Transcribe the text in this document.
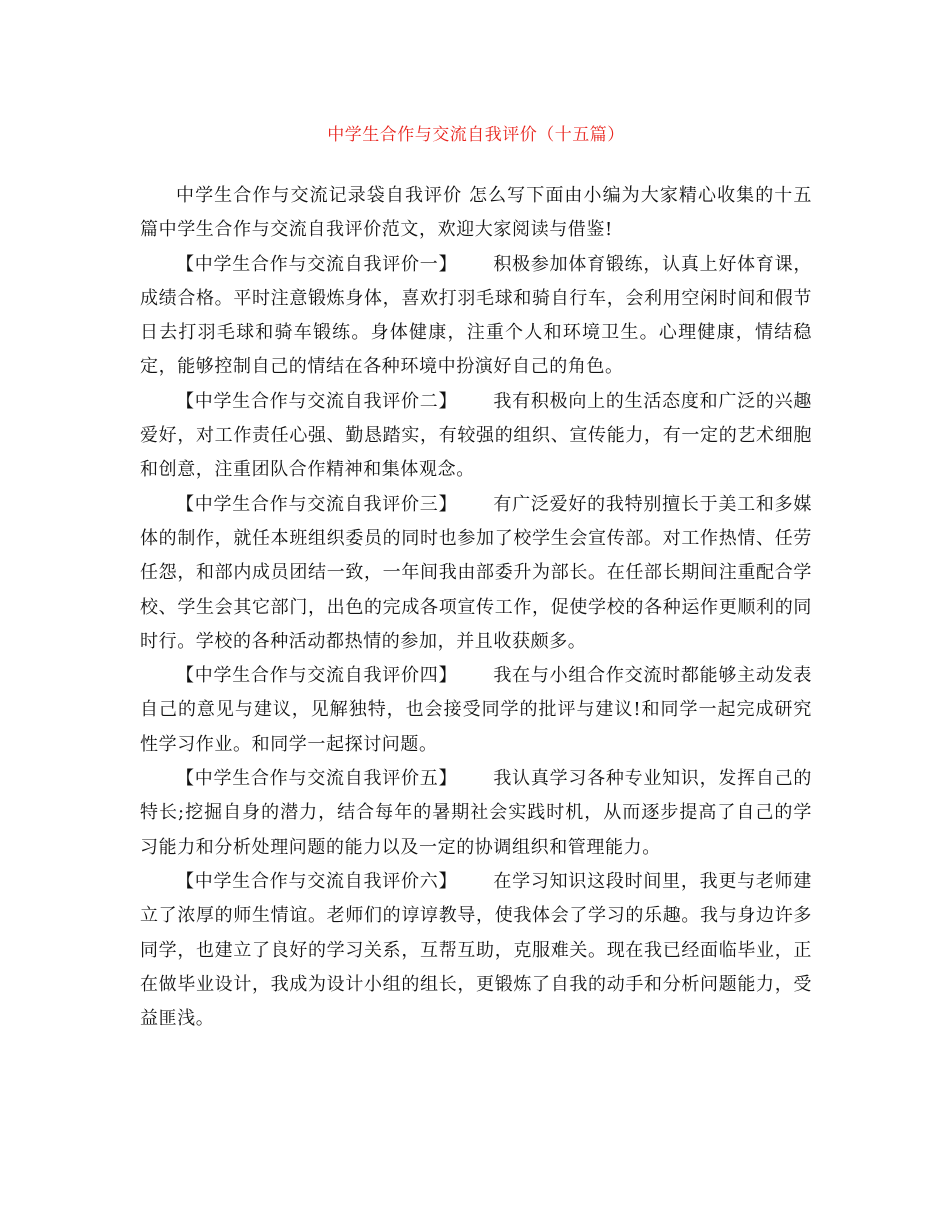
中学生合作与交流自我评价（十五篇）

中学生合作与交流记录袋自我评价 怎么写下面由小编为大家精心收集的十五篇中学生合作与交流自我评价范文，欢迎大家阅读与借鉴!

【中学生合作与交流自我评价一】 积极参加体育锻练，认真上好体育课，成绩合格。平时注意锻炼身体，喜欢打羽毛球和骑自行车，会利用空闲时间和假节日去打羽毛球和骑车锻练。身体健康，注重个人和环境卫生。心理健康，情结稳定，能够控制自己的情结在各种环境中扮演好自己的角色。

【中学生合作与交流自我评价二】 我有积极向上的生活态度和广泛的兴趣爱好，对工作责任心强、勤恳踏实，有较强的组织、宣传能力，有一定的艺术细胞和创意，注重团队合作精神和集体观念。

【中学生合作与交流自我评价三】 有广泛爱好的我特别擅长于美工和多媒体的制作，就任本班组织委员的同时也参加了校学生会宣传部。对工作热情、任劳任怨，和部内成员团结一致，一年间我由部委升为部长。在任部长期间注重配合学校、学生会其它部门，出色的完成各项宣传工作，促使学校的各种运作更顺利的同时行。学校的各种活动都热情的参加，并且收获颇多。

【中学生合作与交流自我评价四】 我在与小组合作交流时都能够主动发表自己的意见与建议，见解独特，也会接受同学的批评与建议!和同学一起完成研究性学习作业。和同学一起探讨问题。

【中学生合作与交流自我评价五】 我认真学习各种专业知识，发挥自己的特长;挖掘自身的潜力，结合每年的暑期社会实践时机，从而逐步提高了自己的学习能力和分析处理问题的能力以及一定的协调组织和管理能力。

【中学生合作与交流自我评价六】 在学习知识这段时间里，我更与老师建立了浓厚的师生情谊。老师们的谆谆教导，使我体会了学习的乐趣。我与身边许多同学，也建立了良好的学习关系，互帮互助，克服难关。现在我已经面临毕业，正在做毕业设计，我成为设计小组的组长，更锻炼了自我的动手和分析问题能力，受益匪浅。
